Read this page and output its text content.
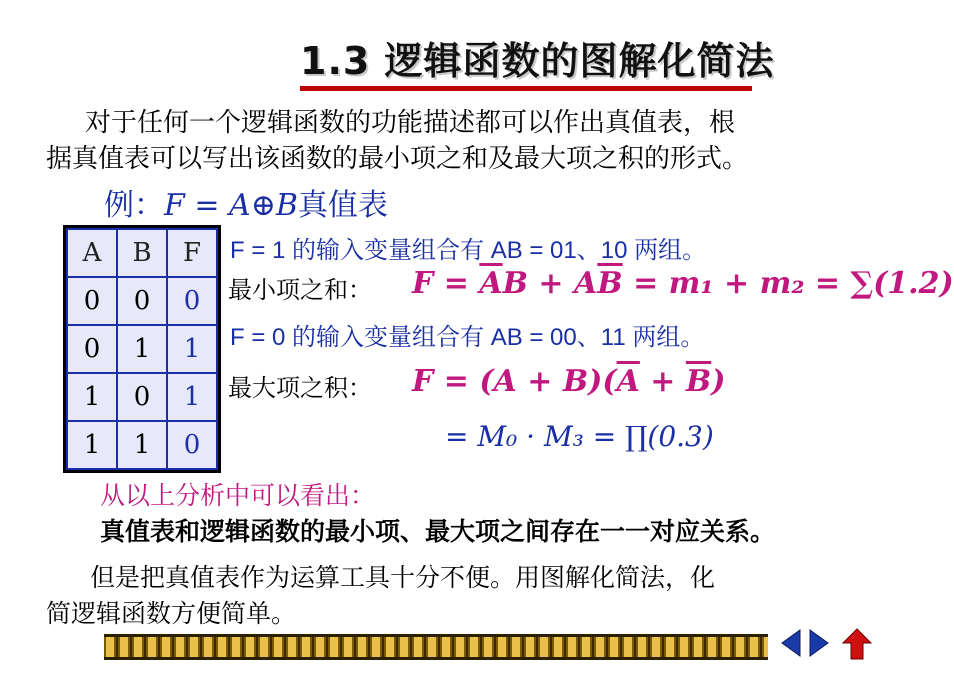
1.3 逻辑函数的图解化简法
对于任何一个逻辑函数的功能描述都可以作出真值表，根
据真值表可以写出该函数的最小项之和及最大项之积的形式。
例：F = A⊕B真值表
A	B	F
0	0	0
0	1	1
1	0	1
1	1	0
F = 1 的输入变量组合有 AB = 01、10 两组。
最小项之和： $F = \overline{A}B + A\overline{B} = m_1 + m_2 = \sum(1.2)$
F = 0 的输入变量组合有 AB = 00、11 两组。
最大项之积： $F = (A + B)(\overline{A} + \overline{B})$
= M₀ · M₃ = ∏(0.3)
从以上分析中可以看出：
真值表和逻辑函数的最小项、最大项之间存在一一对应关系。
但是把真值表作为运算工具十分不便。用图解化简法，化
简逻辑函数方便简单。
